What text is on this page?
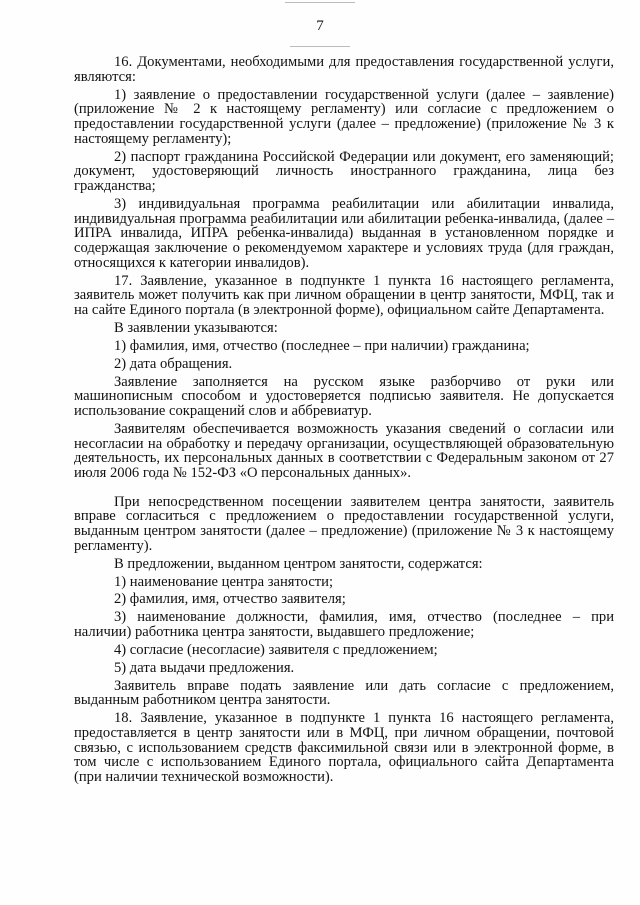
7

16. Документами, необходимыми для предоставления государственной услуги, являются:

1) заявление о предоставлении государственной услуги (далее – заявление) (приложение № 2 к настоящему регламенту) или согласие с предложением о предоставлении государственной услуги (далее – предложение) (приложение № 3 к настоящему регламенту);

2) паспорт гражданина Российской Федерации или документ, его заменяющий; документ, удостоверяющий личность иностранного гражданина, лица без гражданства;

3) индивидуальная программа реабилитации или абилитации инвалида, индивидуальная программа реабилитации или абилитации ребенка-инвалида, (далее – ИПРА инвалида, ИПРА ребенка-инвалида) выданная в установленном порядке и содержащая заключение о рекомендуемом характере и условиях труда (для граждан, относящихся к категории инвалидов).

17. Заявление, указанное в подпункте 1 пункта 16 настоящего регламента, заявитель может получить как при личном обращении в центр занятости, МФЦ, так и на сайте Единого портала (в электронной форме), официальном сайте Департамента.

В заявлении указываются:

1) фамилия, имя, отчество (последнее – при наличии) гражданина;

2) дата обращения.

Заявление заполняется на русском языке разборчиво от руки или машинописным способом и удостоверяется подписью заявителя. Не допускается использование сокращений слов и аббревиатур.

Заявителям обеспечивается возможность указания сведений о согласии или несогласии на обработку и передачу организации, осуществляющей образовательную деятельность, их персональных данных в соответствии с Федеральным законом от 27 июля 2006 года № 152-ФЗ «О персональных данных».

При непосредственном посещении заявителем центра занятости, заявитель вправе согласиться с предложением о предоставлении государственной услуги, выданным центром занятости (далее – предложение) (приложение № 3 к настоящему регламенту).

В предложении, выданном центром занятости, содержатся:

1) наименование центра занятости;

2) фамилия, имя, отчество заявителя;

3) наименование должности, фамилия, имя, отчество (последнее – при наличии) работника центра занятости, выдавшего предложение;

4) согласие (несогласие) заявителя с предложением;

5) дата выдачи предложения.

Заявитель вправе подать заявление или дать согласие с предложением, выданным работником центра занятости.

18. Заявление, указанное в подпункте 1 пункта 16 настоящего регламента, предоставляется в центр занятости или в МФЦ, при личном обращении, почтовой связью, с использованием средств факсимильной связи или в электронной форме, в том числе с использованием Единого портала, официального сайта Департамента (при наличии технической возможности).
